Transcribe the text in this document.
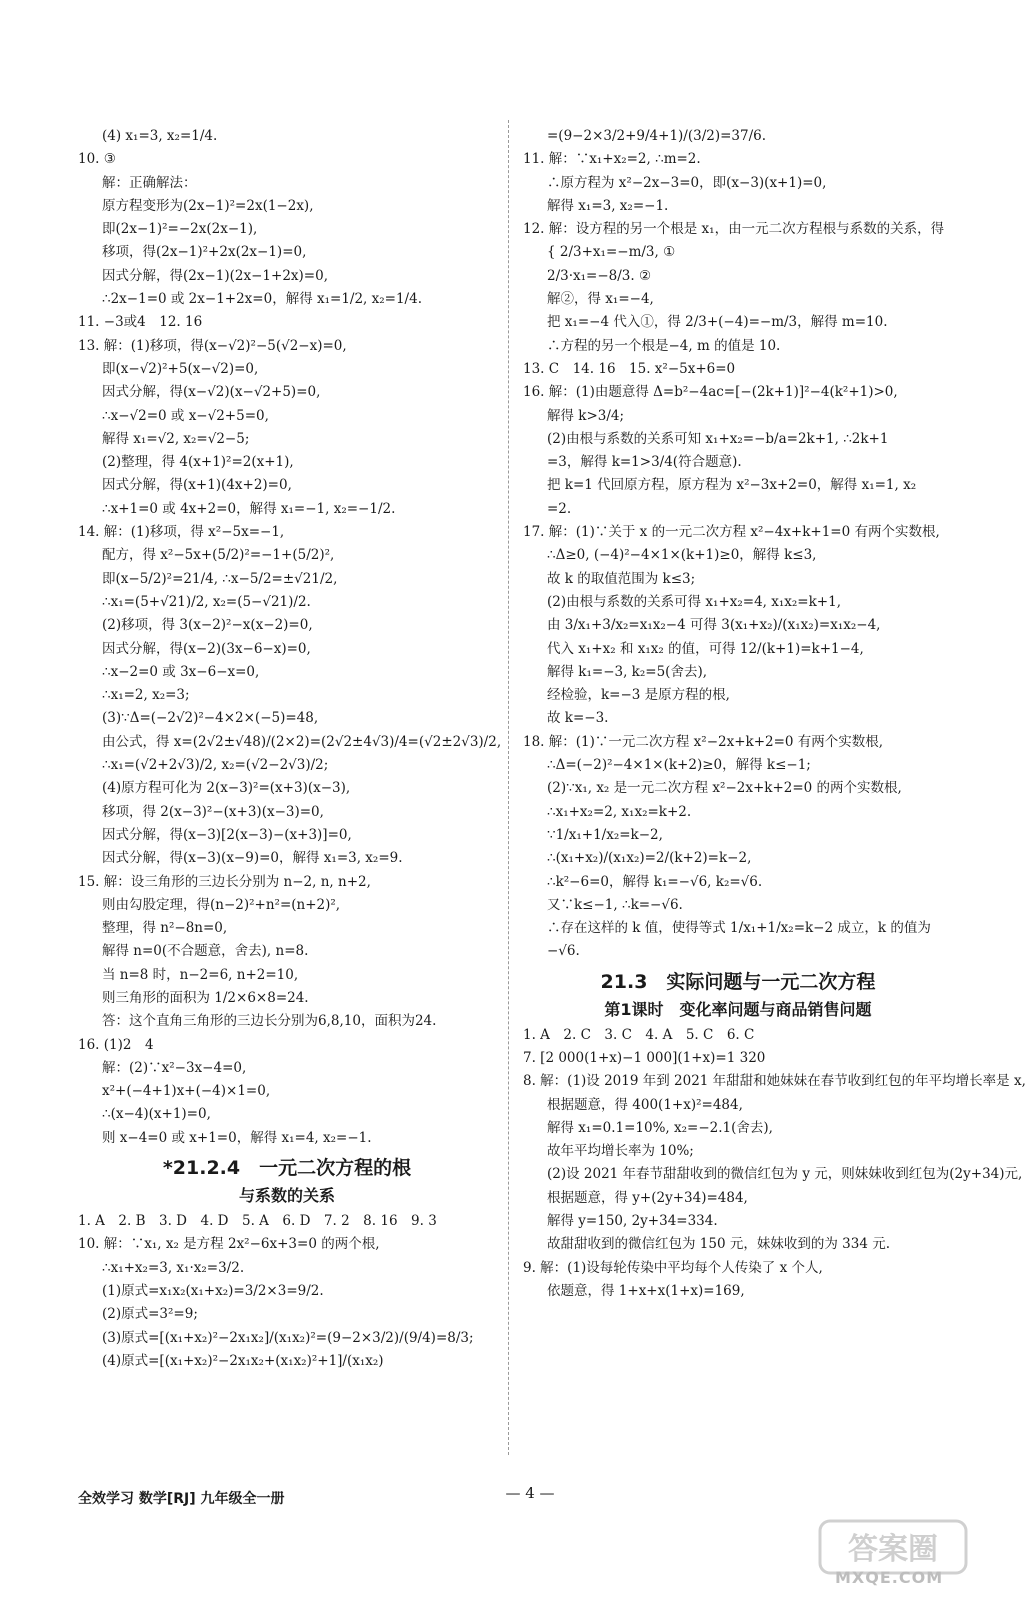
(4) x₁=3, x₂=1/4.
10. ③
解：正确解法：
原方程变形为(2x−1)²=2x(1−2x),
即(2x−1)²=−2x(2x−1),
移项，得(2x−1)²+2x(2x−1)=0,
因式分解，得(2x−1)(2x−1+2x)=0,
∴2x−1=0 或 2x−1+2x=0，解得 x₁=1/2, x₂=1/4.
11. −3或4　12. 16
13. 解：(1)移项，得(x−√2)²−5(√2−x)=0,
即(x−√2)²+5(x−√2)=0,
因式分解，得(x−√2)(x−√2+5)=0,
∴x−√2=0 或 x−√2+5=0,
解得 x₁=√2, x₂=√2−5;
(2)整理，得 4(x+1)²=2(x+1),
因式分解，得(x+1)(4x+2)=0,
∴x+1=0 或 4x+2=0，解得 x₁=−1, x₂=−1/2.
14. 解：(1)移项，得 x²−5x=−1,
配方，得 x²−5x+(5/2)²=−1+(5/2)²,
即(x−5/2)²=21/4, ∴x−5/2=±√21/2,
∴x₁=(5+√21)/2, x₂=(5−√21)/2.
(2)移项，得 3(x−2)²−x(x−2)=0,
因式分解，得(x−2)(3x−6−x)=0,
∴x−2=0 或 3x−6−x=0,
∴x₁=2, x₂=3;
(3)∵Δ=(−2√2)²−4×2×(−5)=48,
由公式，得 x=(2√2±√48)/(2×2)=(2√2±4√3)/4=(√2±2√3)/2,
∴x₁=(√2+2√3)/2, x₂=(√2−2√3)/2;
(4)原方程可化为 2(x−3)²=(x+3)(x−3),
移项，得 2(x−3)²−(x+3)(x−3)=0,
因式分解，得(x−3)[2(x−3)−(x+3)]=0,
因式分解，得(x−3)(x−9)=0，解得 x₁=3, x₂=9.
15. 解：设三角形的三边长分别为 n−2, n, n+2,
则由勾股定理，得(n−2)²+n²=(n+2)²,
整理，得 n²−8n=0,
解得 n=0(不合题意，舍去), n=8.
当 n=8 时，n−2=6, n+2=10,
则三角形的面积为 1/2×6×8=24.
答：这个直角三角形的三边长分别为6,8,10，面积为24.
16. (1)2　4
解：(2)∵x²−3x−4=0,
x²+(−4+1)x+(−4)×1=0,
∴(x−4)(x+1)=0,
则 x−4=0 或 x+1=0，解得 x₁=4, x₂=−1.
*21.2.4　一元二次方程的根
与系数的关系
1. A　2. B　3. D　4. D　5. A　6. D　7. 2　8. 16　9. 3
10. 解：∵x₁, x₂ 是方程 2x²−6x+3=0 的两个根,
∴x₁+x₂=3, x₁·x₂=3/2.
(1)原式=x₁x₂(x₁+x₂)=3/2×3=9/2.
(2)原式=3²=9;
(3)原式=[(x₁+x₂)²−2x₁x₂]/(x₁x₂)²=(9−2×3/2)/(9/4)=8/3;
(4)原式=[(x₁+x₂)²−2x₁x₂+(x₁x₂)²+1]/(x₁x₂)
=(9−2×3/2+9/4+1)/(3/2)=37/6.
11. 解：∵x₁+x₂=2, ∴m=2.
∴原方程为 x²−2x−3=0，即(x−3)(x+1)=0,
解得 x₁=3, x₂=−1.
12. 解：设方程的另一个根是 x₁，由一元二次方程根与系数的关系，得
{ 2/3+x₁=−m/3, ①
2/3·x₁=−8/3. ②
解②，得 x₁=−4,
把 x₁=−4 代入①，得 2/3+(−4)=−m/3，解得 m=10.
∴方程的另一个根是−4, m 的值是 10.
13. C　14. 16　15. x²−5x+6=0
16. 解：(1)由题意得 Δ=b²−4ac=[−(2k+1)]²−4(k²+1)>0,
解得 k>3/4;
(2)由根与系数的关系可知 x₁+x₂=−b/a=2k+1, ∴2k+1
=3，解得 k=1>3/4(符合题意).
把 k=1 代回原方程，原方程为 x²−3x+2=0，解得 x₁=1, x₂
=2.
17. 解：(1)∵关于 x 的一元二次方程 x²−4x+k+1=0 有两个实数根,
∴Δ≥0, (−4)²−4×1×(k+1)≥0，解得 k≤3,
故 k 的取值范围为 k≤3;
(2)由根与系数的关系可得 x₁+x₂=4, x₁x₂=k+1,
由 3/x₁+3/x₂=x₁x₂−4 可得 3(x₁+x₂)/(x₁x₂)=x₁x₂−4,
代入 x₁+x₂ 和 x₁x₂ 的值，可得 12/(k+1)=k+1−4,
解得 k₁=−3, k₂=5(舍去),
经检验，k=−3 是原方程的根,
故 k=−3.
18. 解：(1)∵一元二次方程 x²−2x+k+2=0 有两个实数根,
∴Δ=(−2)²−4×1×(k+2)≥0，解得 k≤−1;
(2)∵x₁, x₂ 是一元二次方程 x²−2x+k+2=0 的两个实数根,
∴x₁+x₂=2, x₁x₂=k+2.
∵1/x₁+1/x₂=k−2,
∴(x₁+x₂)/(x₁x₂)=2/(k+2)=k−2,
∴k²−6=0，解得 k₁=−√6, k₂=√6.
又∵k≤−1, ∴k=−√6.
∴存在这样的 k 值，使得等式 1/x₁+1/x₂=k−2 成立，k 的值为
−√6.
21.3　实际问题与一元二次方程
第1课时　变化率问题与商品销售问题
1. A　2. C　3. C　4. A　5. C　6. C
7. [2 000(1+x)−1 000](1+x)=1 320
8. 解：(1)设 2019 年到 2021 年甜甜和她妹妹在春节收到红包的年平均增长率是 x,
根据题意，得 400(1+x)²=484,
解得 x₁=0.1=10%, x₂=−2.1(舍去),
故年平均增长率为 10%;
(2)设 2021 年春节甜甜收到的微信红包为 y 元，则妹妹收到红包为(2y+34)元,
根据题意，得 y+(2y+34)=484,
解得 y=150, 2y+34=334.
故甜甜收到的微信红包为 150 元，妹妹收到的为 334 元.
9. 解：(1)设每轮传染中平均每个人传染了 x 个人,
依题意，得 1+x+x(1+x)=169,
全效学习 数学[RJ] 九年级全一册	— 4 —
答案圈
MXQE.COM
